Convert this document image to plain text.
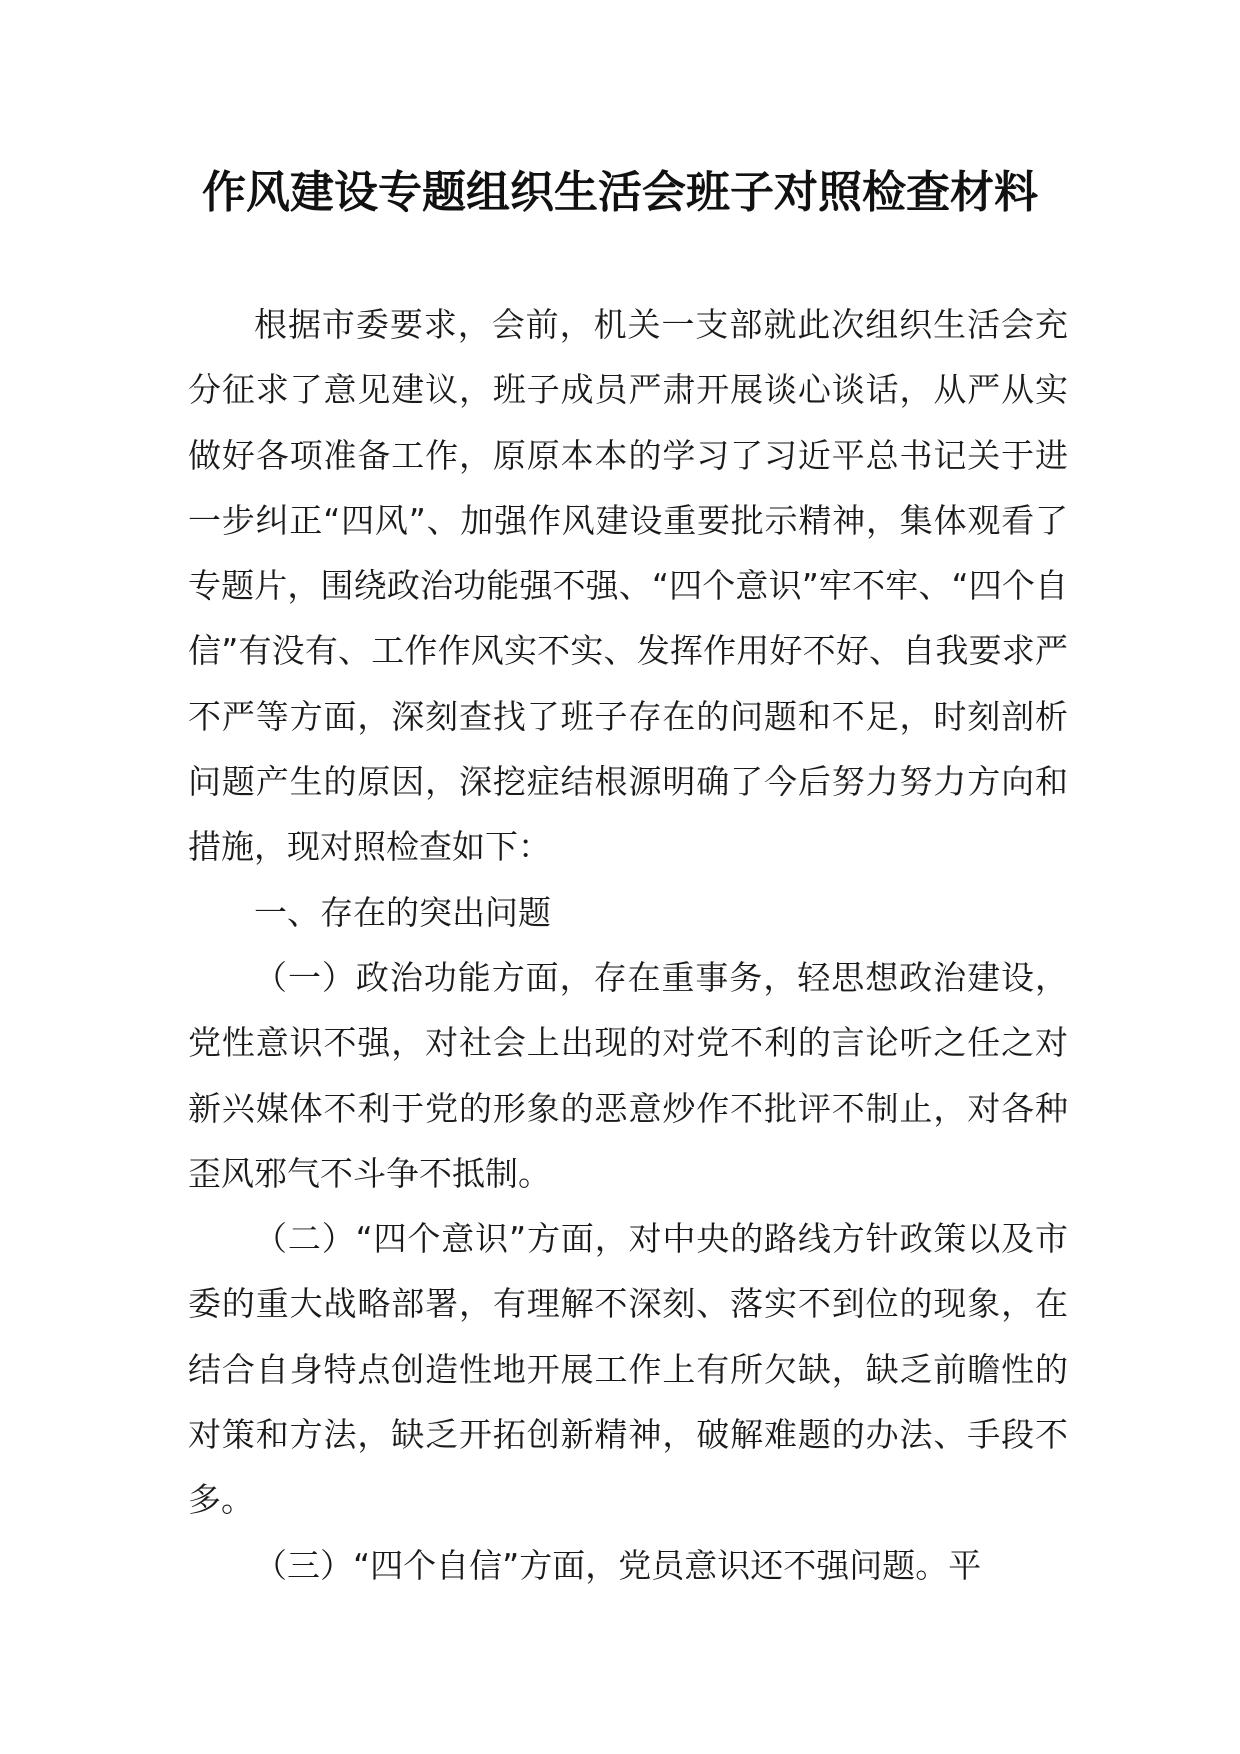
作风建设专题组织生活会班子对照检查材料

根据市委要求，会前，机关一支部就此次组织生活会充分征求了意见建议，班子成员严肃开展谈心谈话，从严从实做好各项准备工作，原原本本的学习了习近平总书记关于进一步纠正“四风”、加强作风建设重要批示精神，集体观看了专题片，围绕政治功能强不强、“四个意识”牢不牢、“四个自信”有没有、工作作风实不实、发挥作用好不好、自我要求严不严等方面，深刻查找了班子存在的问题和不足，时刻剖析问题产生的原因，深挖症结根源明确了今后努力努力方向和措施，现对照检查如下：

一、存在的突出问题

（一）政治功能方面，存在重事务，轻思想政治建设，党性意识不强，对社会上出现的对党不利的言论听之任之对新兴媒体不利于党的形象的恶意炒作不批评不制止，对各种歪风邪气不斗争不抵制。

（二）“四个意识”方面，对中央的路线方针政策以及市委的重大战略部署，有理解不深刻、落实不到位的现象，在结合自身特点创造性地开展工作上有所欠缺，缺乏前瞻性的对策和方法，缺乏开拓创新精神，破解难题的办法、手段不多。

（三）“四个自信”方面，党员意识还不强问题。平
